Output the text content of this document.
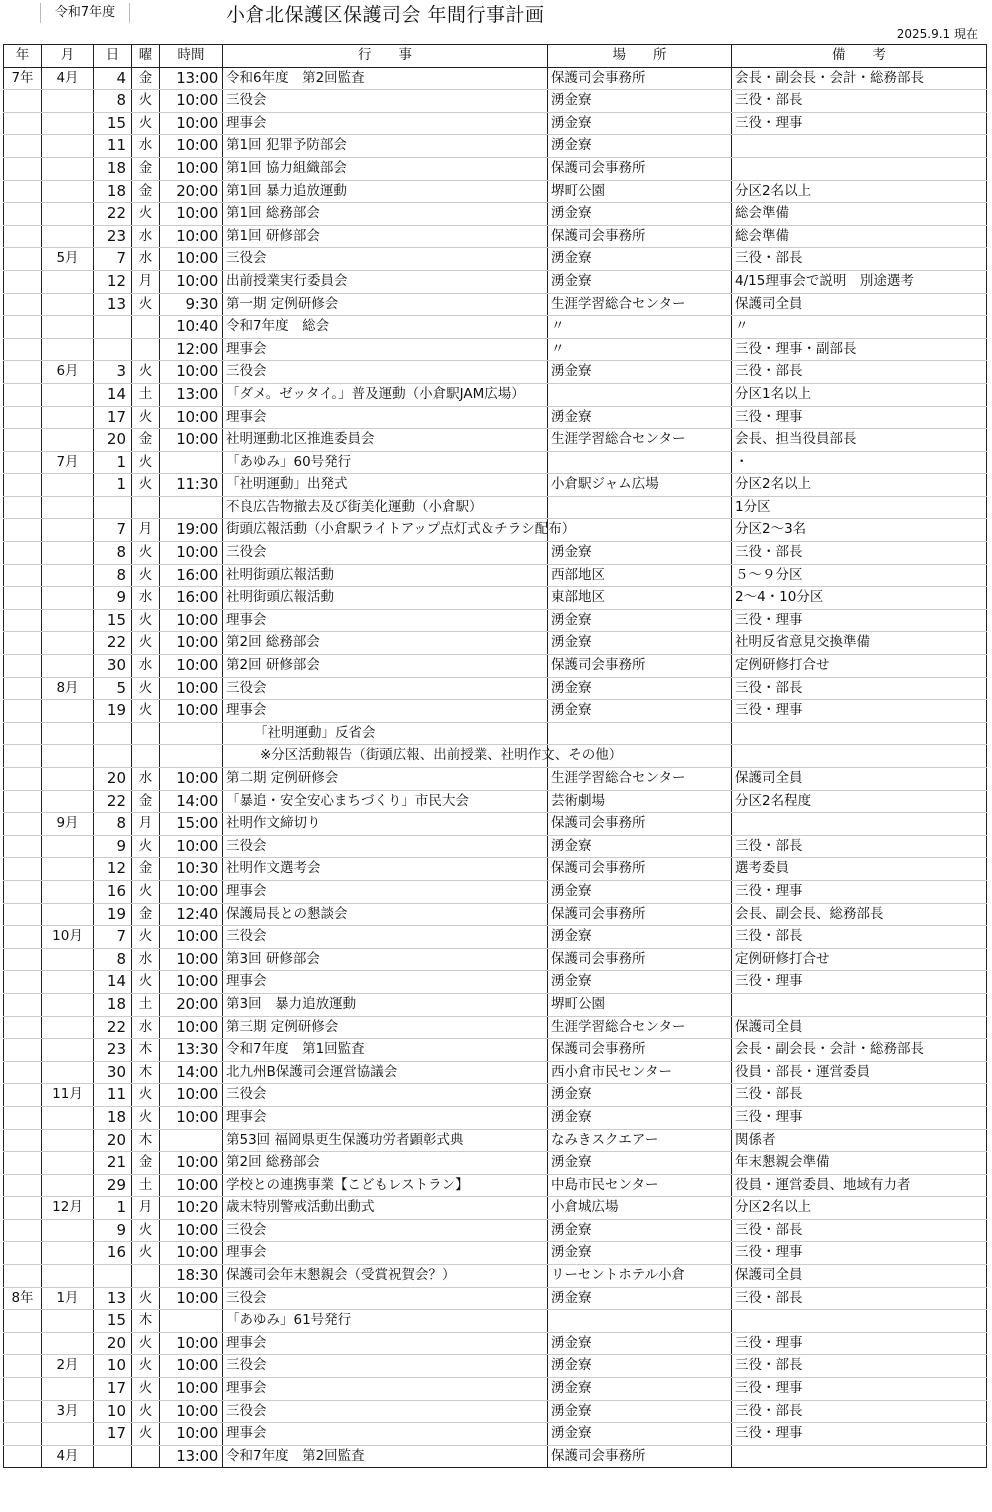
令和7年度	小倉北保護区保護司会 年間行事計画
2025.9.1 現在
年	月	日	曜	時間	行　　事	場　　所	備　　考
7年	4月	4	金	13:00	令和6年度　第2回監査	保護司会事務所	会長・副会長・会計・総務部長
		8	火	10:00	三役会	湧金寮	三役・部長
		15	火	10:00	理事会	湧金寮	三役・理事
		11	水	10:00	第1回 犯罪予防部会	湧金寮	
		18	金	10:00	第1回 協力組織部会	保護司会事務所	
		18	金	20:00	第1回 暴力追放運動	堺町公園	分区2名以上
		22	火	10:00	第1回 総務部会	湧金寮	総会準備
		23	水	10:00	第1回 研修部会	保護司会事務所	総会準備
	5月	7	水	10:00	三役会	湧金寮	三役・部長
		12	月	10:00	出前授業実行委員会	湧金寮	4/15理事会で説明　別途選考
		13	火	9:30	第一期 定例研修会	生涯学習総合センター	保護司全員
				10:40	令和7年度　総会	〃	〃
				12:00	理事会	〃	三役・理事・副部長
	6月	3	火	10:00	三役会	湧金寮	三役・部長
		14	土	13:00	「ダメ。ゼッタイ。」普及運動（小倉駅JAM広場）		分区1名以上
		17	火	10:00	理事会	湧金寮	三役・理事
		20	金	10:00	社明運動北区推進委員会	生涯学習総合センター	会長、担当役員部長
	7月	1	火		「あゆみ」60号発行		・
		1	火	11:30	「社明運動」出発式	小倉駅ジャム広場	分区2名以上
					不良広告物撤去及び街美化運動（小倉駅）		1分区
		7	月	19:00	街頭広報活動（小倉駅ライトアップ点灯式＆チラシ配布）		分区2～3名
		8	火	10:00	三役会	湧金寮	三役・部長
		8	火	16:00	社明街頭広報活動	西部地区	５～９分区
		9	水	16:00	社明街頭広報活動	東部地区	2～4・10分区
		15	火	10:00	理事会	湧金寮	三役・理事
		22	火	10:00	第2回 総務部会	湧金寮	社明反省意見交換準備
		30	水	10:00	第2回 研修部会	保護司会事務所	定例研修打合せ
	8月	5	火	10:00	三役会	湧金寮	三役・部長
		19	火	10:00	理事会	湧金寮	三役・理事
					「社明運動」反省会		
					※分区活動報告（街頭広報、出前授業、社明作文、その他）		
		20	水	10:00	第二期 定例研修会	生涯学習総合センター	保護司全員
		22	金	14:00	「暴追・安全安心まちづくり」市民大会	芸術劇場	分区2名程度
	9月	8	月	15:00	社明作文締切り	保護司会事務所	
		9	火	10:00	三役会	湧金寮	三役・部長
		12	金	10:30	社明作文選考会	保護司会事務所	選考委員
		16	火	10:00	理事会	湧金寮	三役・理事
		19	金	12:40	保護局長との懇談会	保護司会事務所	会長、副会長、総務部長
	10月	7	火	10:00	三役会	湧金寮	三役・部長
		8	水	10:00	第3回 研修部会	保護司会事務所	定例研修打合せ
		14	火	10:00	理事会	湧金寮	三役・理事
		18	土	20:00	第3回　暴力追放運動	堺町公園	
		22	水	10:00	第三期 定例研修会	生涯学習総合センター	保護司全員
		23	木	13:30	令和7年度　第1回監査	保護司会事務所	会長・副会長・会計・総務部長
		30	木	14:00	北九州B保護司会運営協議会	西小倉市民センター	役員・部長・運営委員
	11月	11	火	10:00	三役会	湧金寮	三役・部長
		18	火	10:00	理事会	湧金寮	三役・理事
		20	木		第53回 福岡県更生保護功労者顕彰式典	なみきスクエアー	関係者
		21	金	10:00	第2回 総務部会	湧金寮	年末懇親会準備
		29	土	10:00	学校との連携事業【こどもレストラン】	中島市民センター	役員・運営委員、地域有力者
	12月	1	月	10:20	歳末特別警戒活動出動式	小倉城広場	分区2名以上
		9	火	10:00	三役会	湧金寮	三役・部長
		16	火	10:00	理事会	湧金寮	三役・理事
				18:30	保護司会年末懇親会（受賞祝賀会？）	リーセントホテル小倉	保護司全員
8年	1月	13	火	10:00	三役会	湧金寮	三役・部長
		15	木		「あゆみ」61号発行		
		20	火	10:00	理事会	湧金寮	三役・理事
	2月	10	火	10:00	三役会	湧金寮	三役・部長
		17	火	10:00	理事会	湧金寮	三役・理事
	3月	10	火	10:00	三役会	湧金寮	三役・部長
		17	火	10:00	理事会	湧金寮	三役・理事
	4月			13:00	令和7年度　第2回監査	保護司会事務所	
